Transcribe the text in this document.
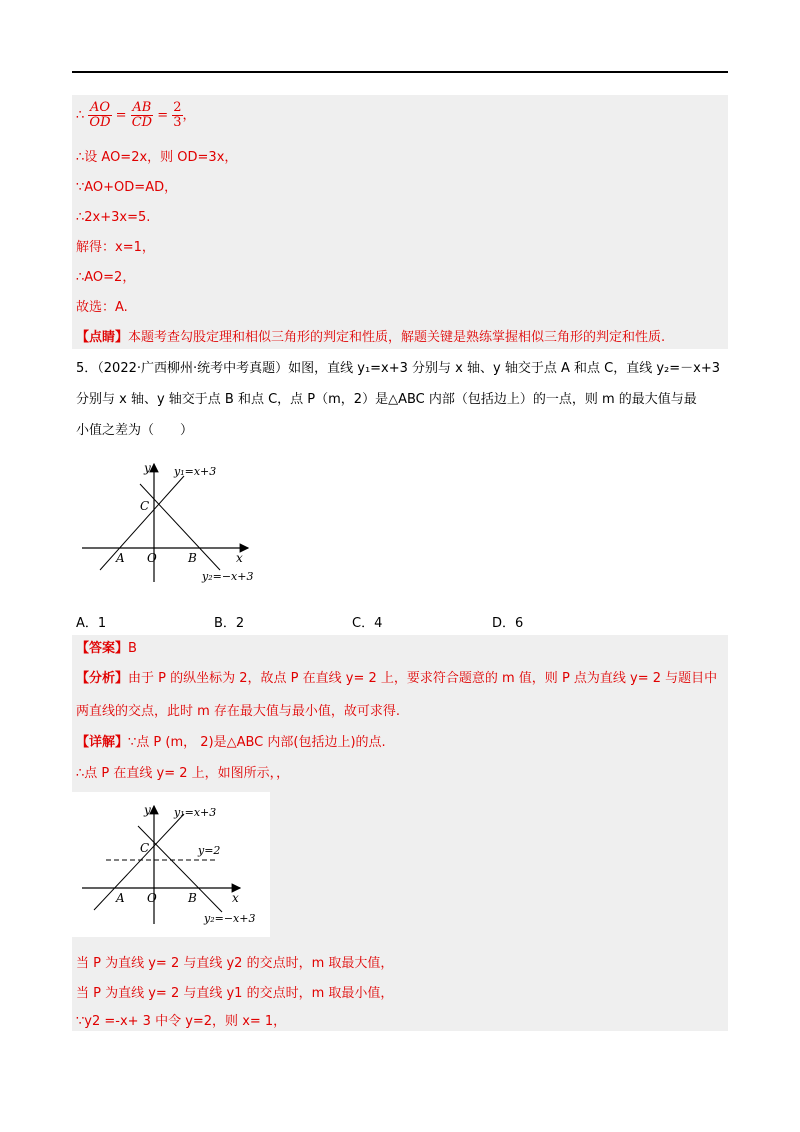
∴ $\frac{AO}{OD} = \frac{AB}{CD} = \frac{2}{3}$ ，
∴设 AO=2x，则 OD=3x，
∵AO+OD=AD，
∴2x+3x=5.
解得：x=1，
∴AO=2，
故选：A.
【点睛】本题考查勾股定理和相似三角形的判定和性质，解题关键是熟练掌握相似三角形的判定和性质.
5．（2022·广西柳州·统考中考真题）如图，直线 y₁=x+3 分别与 x 轴、y 轴交于点 A 和点 C，直线 y₂=－x+3
分别与 x 轴、y 轴交于点 B 和点 C，点 P（m，2）是△ABC 内部（包括边上）的一点，则 m 的最大值与最
小值之差为（　　）
y
x
y₁=x+3
y₂=−x+3
C
A O	B
A．1	B．2	C．4	D．6
【答案】B
【分析】由于 P 的纵坐标为 2，故点 P 在直线 y= 2 上，要求符合题意的 m 值，则 P 点为直线 y= 2 与题目中
两直线的交点，此时 m 存在最大值与最小值，故可求得.
【详解】∵点 P (m， 2)是△ABC 内部(包括边上)的点.
∴点 P 在直线 y= 2 上，如图所示，，
y
x
y₁=x+3
y=2
y₂=−x+3
C
A O	B
当 P 为直线 y= 2 与直线 y2 的交点时，m 取最大值，
当 P 为直线 y= 2 与直线 y1 的交点时，m 取最小值，
∵y2 =-x+ 3 中令 y=2，则 x= 1，
